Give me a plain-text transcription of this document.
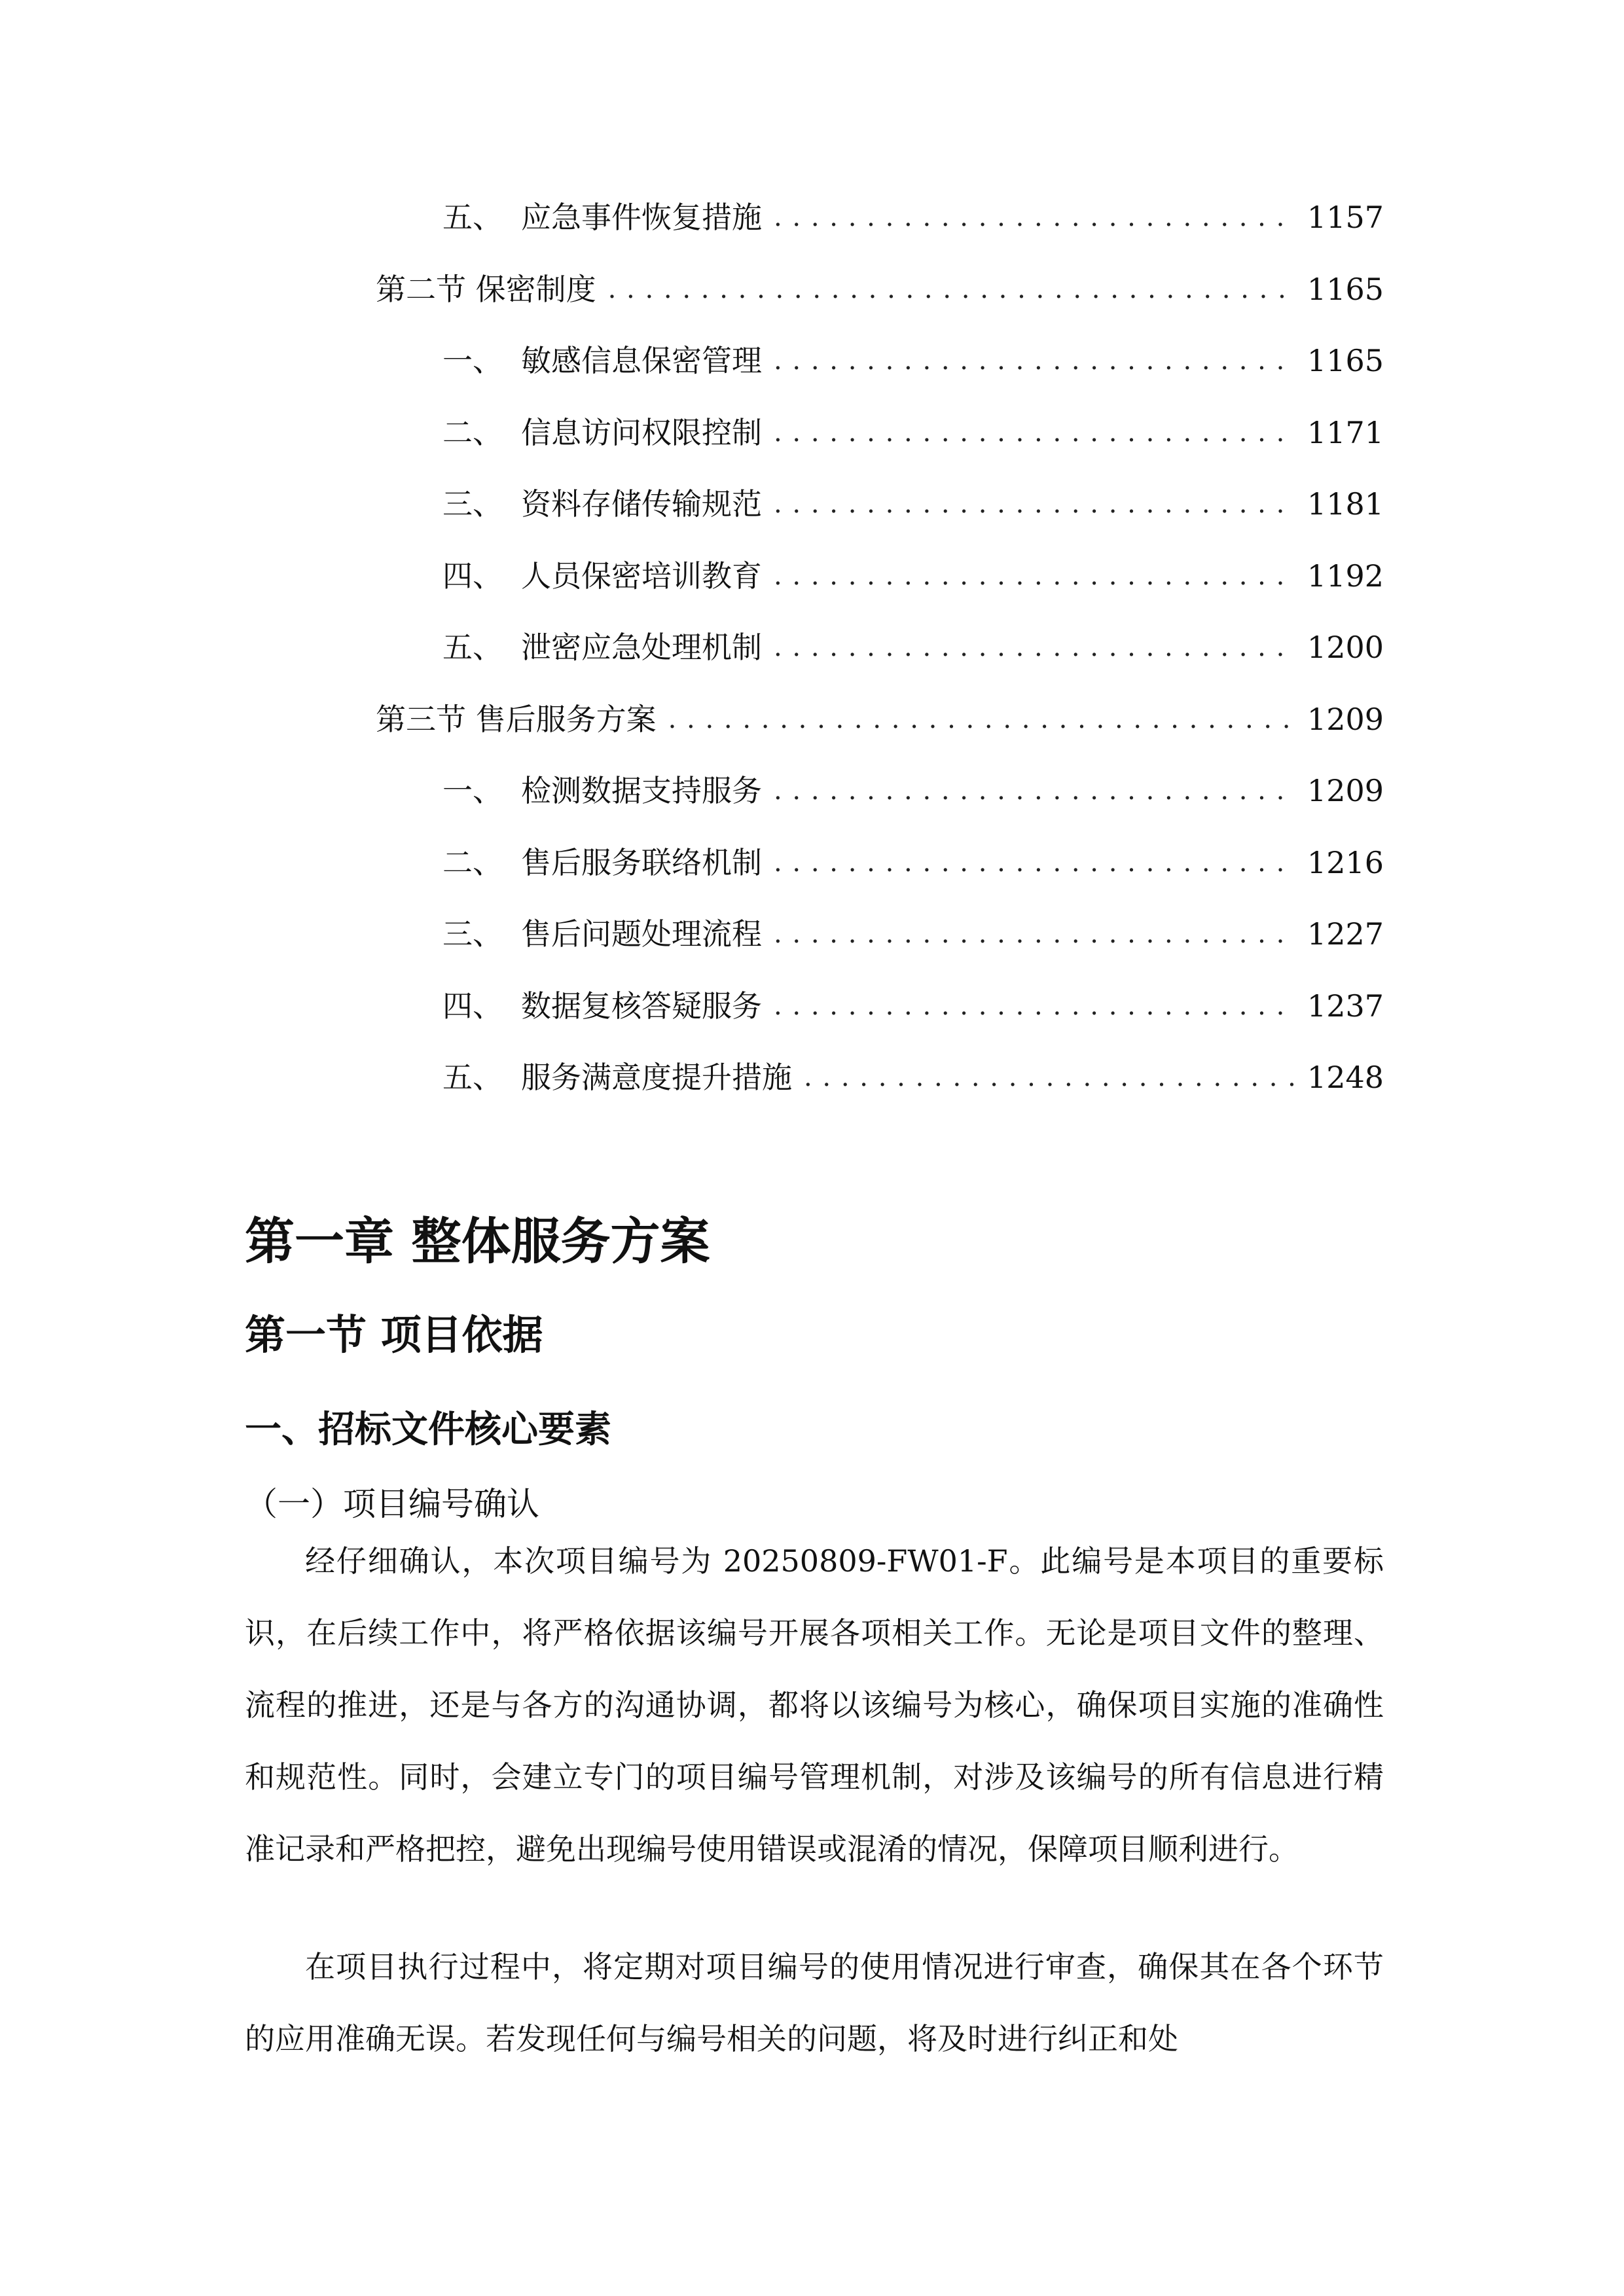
五、 应急事件恢复措施 . . .	1157
第二节 保密制度 . . .	1165
一、 敏感信息保密管理 . . .	1165
二、 信息访问权限控制 . . .	1171
三、 资料存储传输规范 . . .	1181
四、 人员保密培训教育 . . .	1192
五、 泄密应急处理机制 . . .	1200
第三节 售后服务方案 . . .	1209
一、 检测数据支持服务 . . .	1209
二、 售后服务联络机制 . . .	1216
三、 售后问题处理流程 . . .	1227
四、 数据复核答疑服务 . . .	1237
五、 服务满意度提升措施 . . .	1248
第一章 整体服务方案
第一节 项目依据
一、招标文件核心要素
（一）项目编号确认

经仔细确认，本次项目编号为 20250809-FW01-F。此编号是本项目的重要标识，在后续工作中，将严格依据该编号开展各项相关工作。无论是项目文件的整理、流程的推进，还是与各方的沟通协调，都将以该编号为核心，确保项目实施的准确性和规范性。同时，会建立专门的项目编号管理机制，对涉及该编号的所有信息进行精准记录和严格把控，避免出现编号使用错误或混淆的情况，保障项目顺利进行。

在项目执行过程中，将定期对项目编号的使用情况进行审查，确保其在各个环节的应用准确无误。若发现任何与编号相关的问题，将及时进行纠正和处
